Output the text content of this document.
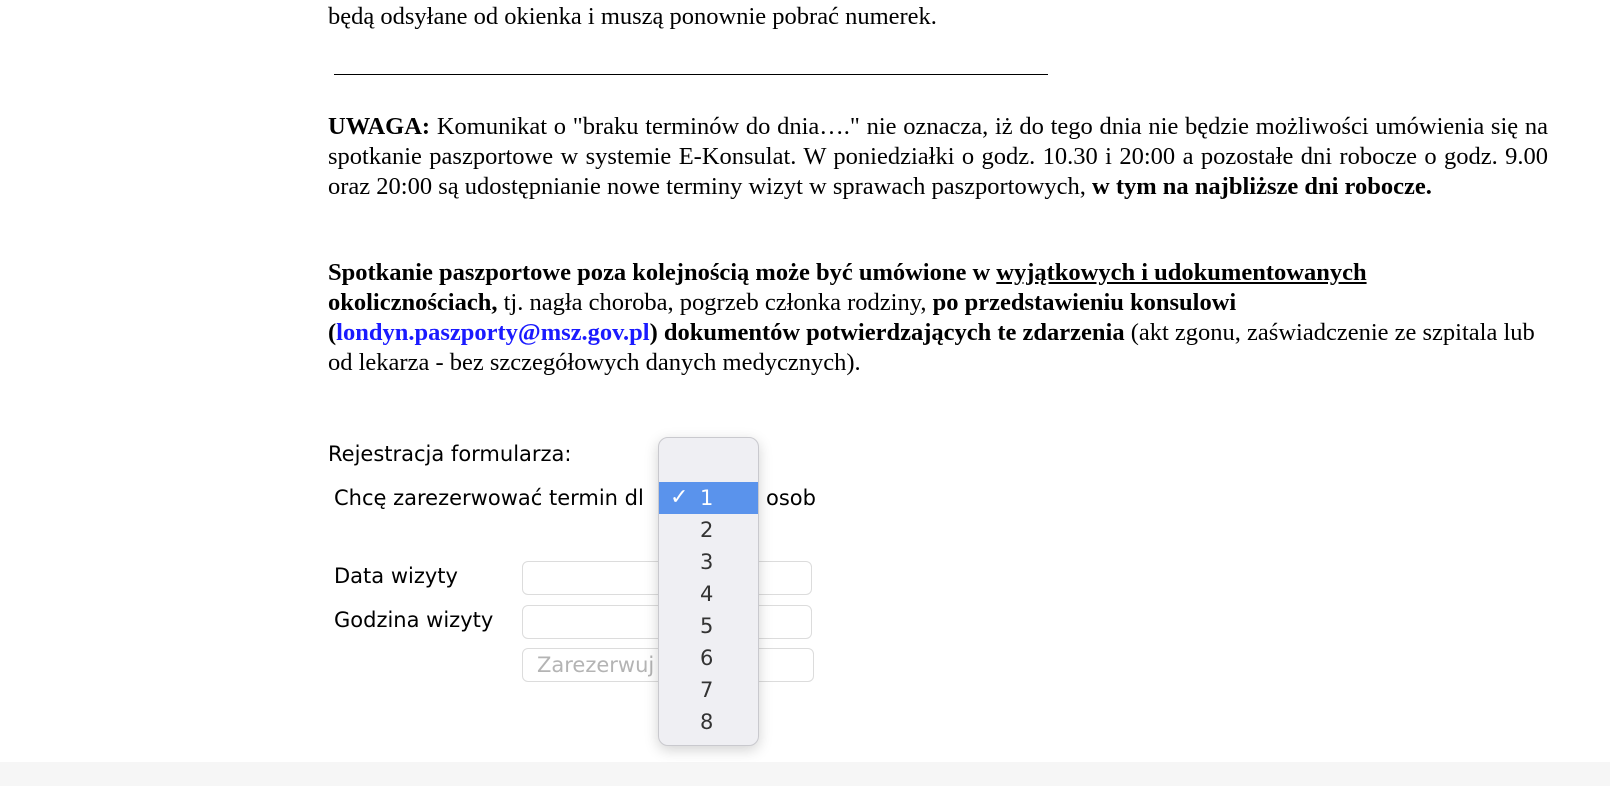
będą odsyłane od okienka i muszą ponownie pobrać numerek.
UWAGA: Komunikat o "braku terminów do dnia…." nie oznacza, iż do tego dnia nie będzie możliwości umówienia się na spotkanie paszportowe w systemie E-Konsulat. W poniedziałki o godz. 10.30 i 20:00 a pozostałe dni robocze o godz. 9.00 oraz 20:00 są udostępnianie nowe terminy wizyt w sprawach paszportowych, w tym na najbliższe dni robocze.
Spotkanie paszportowe poza kolejnością może być umówione w wyjątkowych i udokumentowanych
okolicznościach, tj. nagła choroba, pogrzeb członka rodziny, po przedstawieniu konsulowi
(londyn.paszporty@msz.gov.pl) dokumentów potwierdzających te zdarzenia (akt zgonu, zaświadczenie ze szpitala lub od lekarza - bez szczegółowych danych medycznych).
Rejestracja formularza:
Chcę zarezerwować termin dl	osob
Data wizyty
Godzina wizyty
Zarezerwuj
✓ 1
2
3
4
5
6
7
8
